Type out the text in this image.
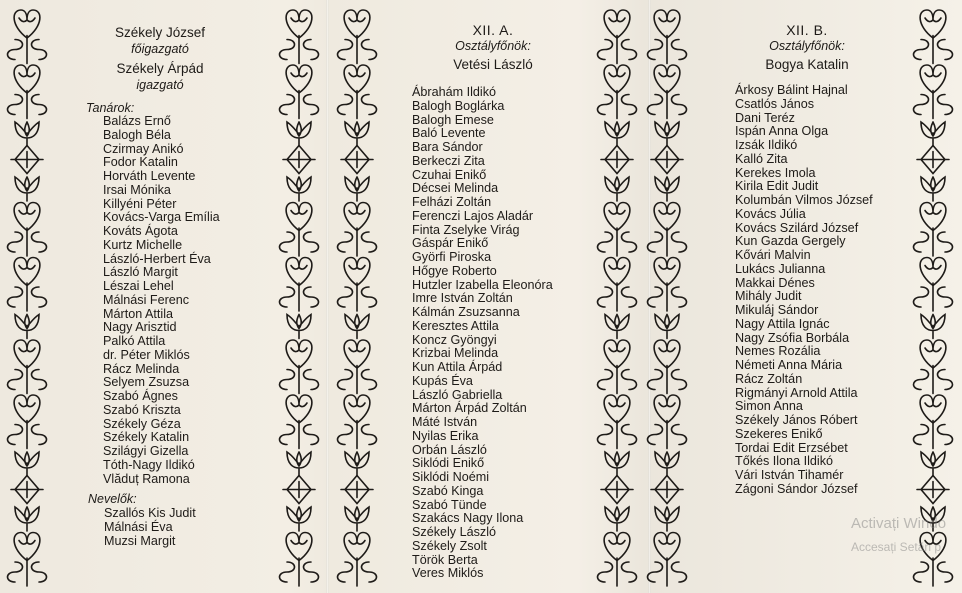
Székely József
főigazgató
Székely Árpád
igazgató
Tanárok:
Balázs Ernő
Balogh Béla
Czirmay Anikó
Fodor Katalin
Horváth Levente
Irsai Mónika
Killyéni Péter
Kovács-Varga Emília
Kováts Ágota
Kurtz Michelle
László-Herbert Éva
László Margit
Lészai Lehel
Málnási Ferenc
Márton Attila
Nagy Arisztid
Palkó Attila
dr. Péter Miklós
Rácz Melinda
Selyem Zsuzsa
Szabó Ágnes
Szabó Kriszta
Székely Géza
Székely Katalin
Szilágyi Gizella
Tóth-Nagy Ildikó
Vlăduț Ramona
Nevelők:
Szallós Kis Judit
Málnási Éva
Muzsi Margit
XII. A.
Osztályfőnök:
Vetési László
Ábrahám Ildikó
Balogh Boglárka
Balogh Emese
Baló Levente
Bara Sándor
Berkeczi Zita
Czuhai Enikő
Décsei Melinda
Felházi Zoltán
Ferenczi Lajos Aladár
Finta Zselyke Virág
Gáspár Enikő
Györfi Piroska
Hőgye Roberto
Hutzler Izabella Eleonóra
Imre István Zoltán
Kálmán Zsuzsanna
Keresztes Attila
Koncz Gyöngyi
Krizbai Melinda
Kun Attila Árpád
Kupás Éva
László Gabriella
Márton Árpád Zoltán
Máté István
Nyilas Erika
Orbán László
Siklódi Enikő
Siklódi Noémi
Szabó Kinga
Szabó Tünde
Szakács Nagy Ilona
Székely László
Székely Zsolt
Török Berta
Veres Miklós
XII. B.
Osztályfőnök:
Bogya Katalin
Árkosy Bálint Hajnal
Csatlós János
Dani Teréz
Ispán Anna Olga
Izsák Ildikó
Kalló Zita
Kerekes Imola
Kirila Edit Judit
Kolumbán Vilmos József
Kovács Júlia
Kovács Szilárd József
Kun Gazda Gergely
Kővári Malvin
Lukács Julianna
Makkai Dénes
Mihály Judit
Mikuláj Sándor
Nagy Attila Ignác
Nagy Zsófia Borbála
Nemes Rozália
Németi Anna Mária
Rácz Zoltán
Rigmányi Arnold Attila
Simon Anna
Székely János Róbert
Szekeres Enikő
Tordai Edit Erzsébet
Tőkés Ilona Ildikó
Vári István Tihamér
Zágoni Sándor József
Activați Windo
Accesați Setări p
